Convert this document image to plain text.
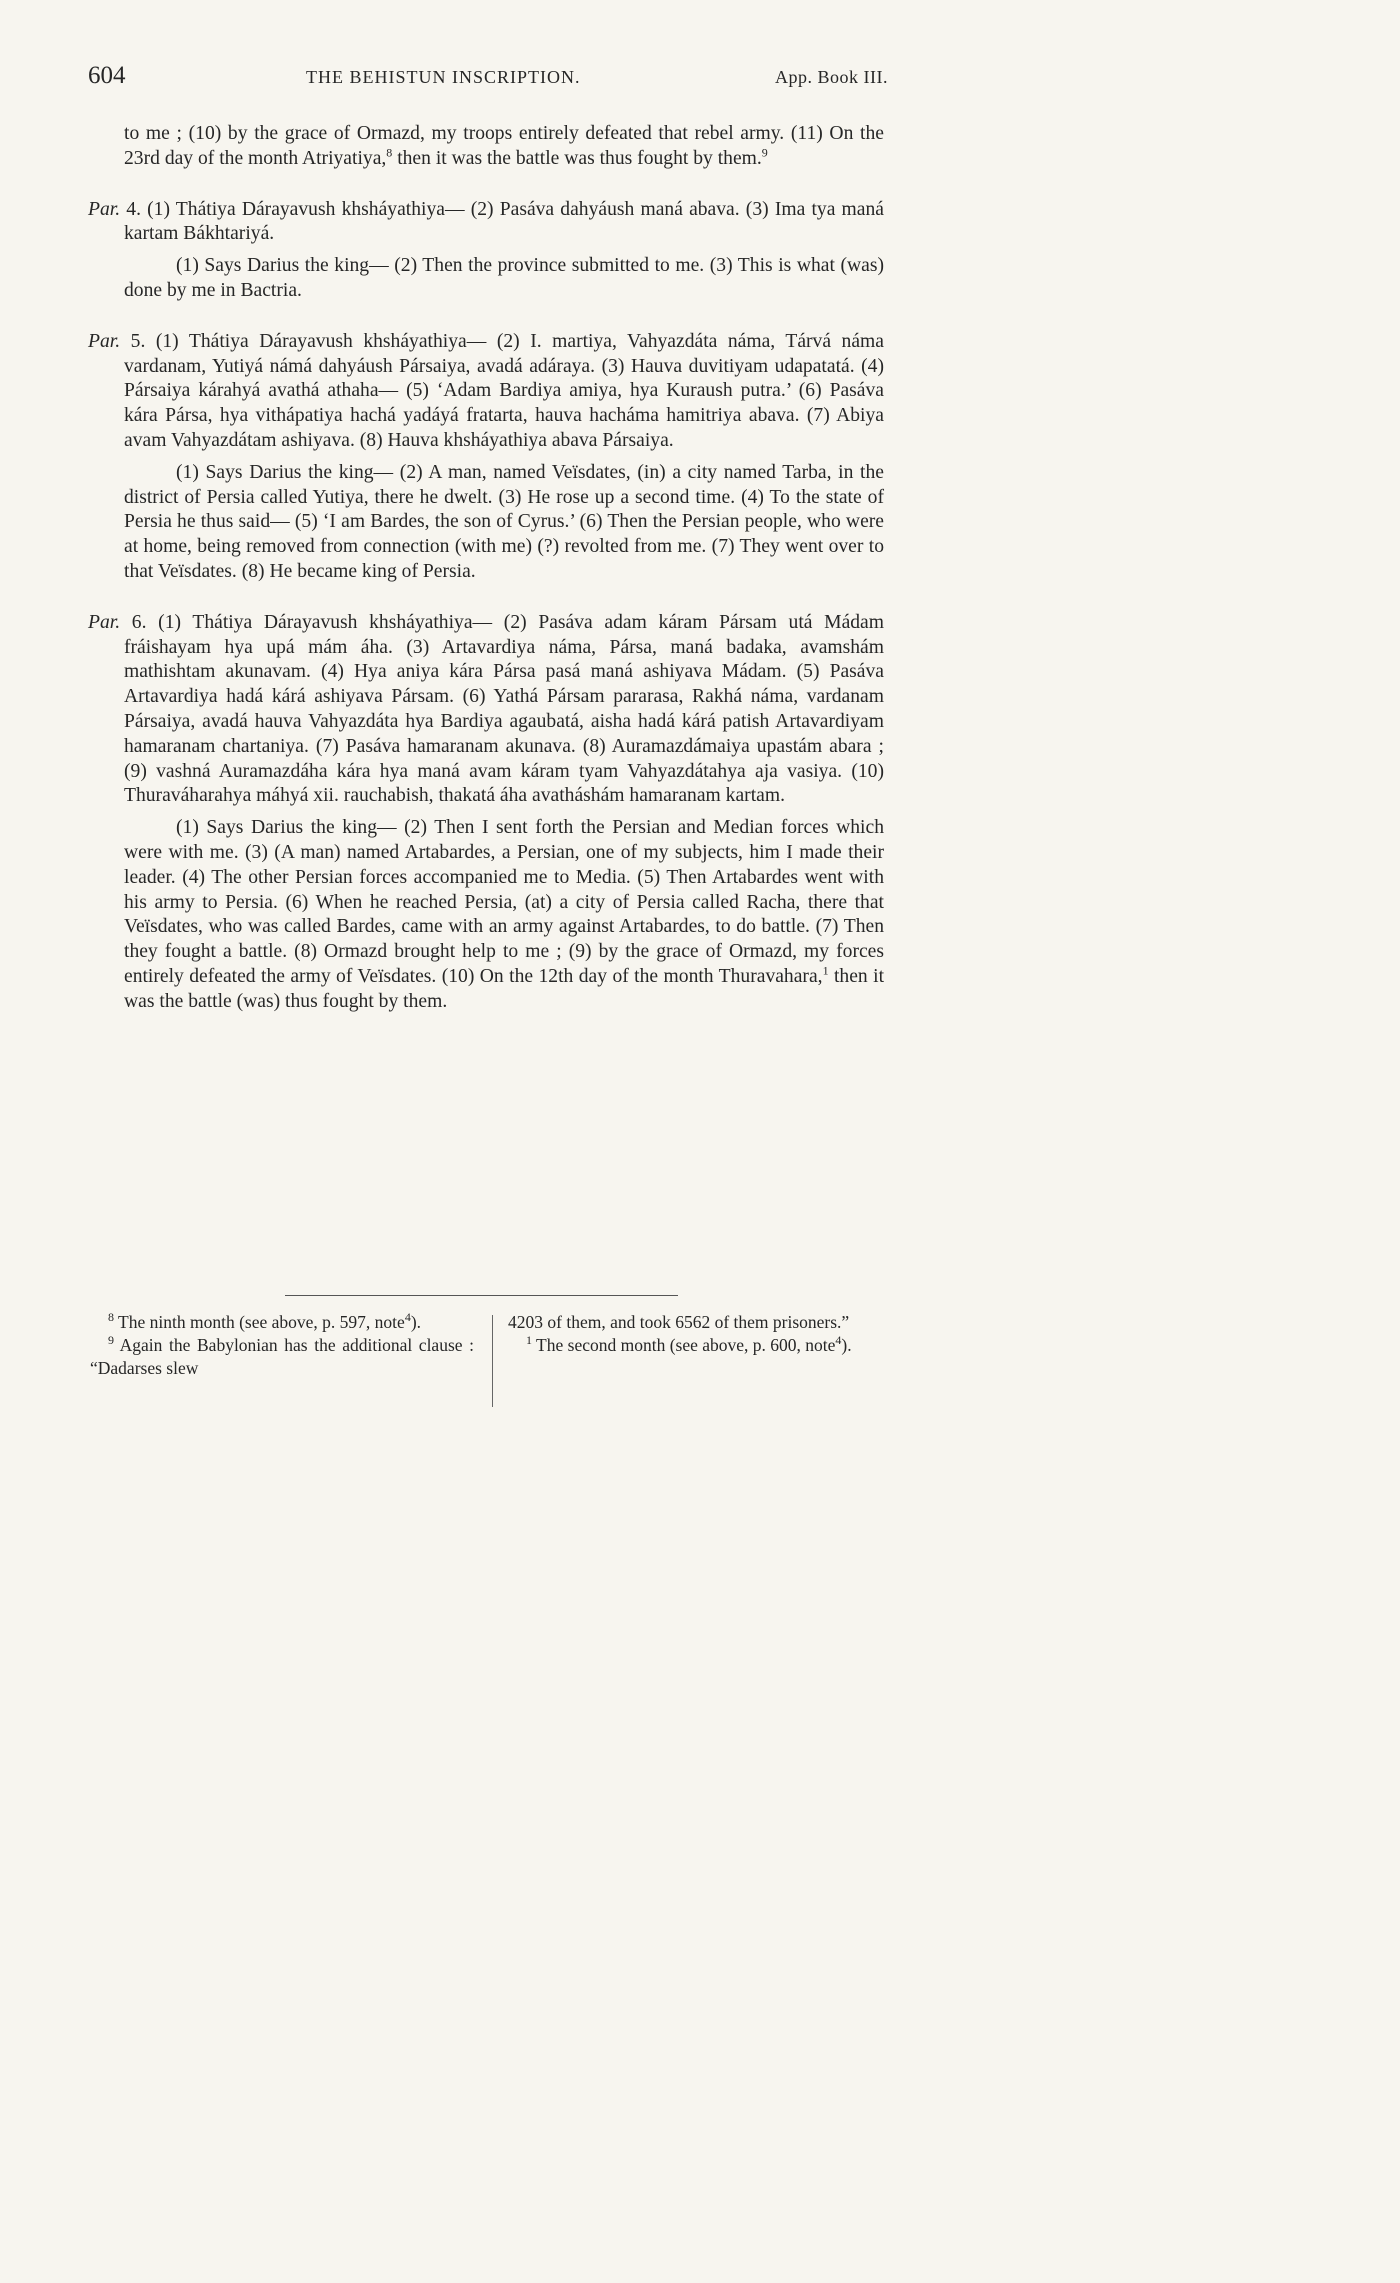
604	THE BEHISTUN INSCRIPTION.	App. Book III.

to me ; (10) by the grace of Ormazd, my troops entirely defeated that rebel army. (11) On the 23rd day of the month Atriyatiya,$^8$ then it was the battle was thus fought by them.$^9$

Par. 4. (1) Thátiya Dárayavush khsháyathiya— (2) Pasáva dahyáush maná abava. (3) Ima tya maná kartam Bákhtariyá.

(1) Says Darius the king— (2) Then the province submitted to me. (3) This is what (was) done by me in Bactria.

Par. 5. (1) Thátiya Dárayavush khsháyathiya— (2) I. martiya, Vahyazdáta náma, Tárvá náma vardanam, Yutiyá námá dahyáush Pársaiya, avadá adáraya. (3) Hauva duvitiyam udapatatá. (4) Pársaiya kárahyá avathá athaha— (5) ‘Adam Bardiya amiya, hya Kuraush putra.’ (6) Pasáva kára Pársa, hya vithápatiya hachá yadáyá fratarta, hauva hachámа hamitriya abava. (7) Abiya avam Vahyazdátam ashiyava. (8) Hauva khsháyathiya abava Pársaiya.

(1) Says Darius the king— (2) A man, named Veïsdates, (in) a city named Tarba, in the district of Persia called Yutiya, there he dwelt. (3) He rose up a second time. (4) To the state of Persia he thus said— (5) ‘I am Bardes, the son of Cyrus.’ (6) Then the Persian people, who were at home, being removed from connection (with me) (?) revolted from me. (7) They went over to that Veïsdates. (8) He became king of Persia.

Par. 6. (1) Thátiya Dárayavush khsháyathiya— (2) Pasáva adam káram Pársam utá Mádam fráishayam hya upá mám áha. (3) Artavardiya náma, Pársa, maná badaka, avamshám mathishtam akunavam. (4) Hya aniya kára Pársa pasá maná ashiyava Mádam. (5) Pasáva Artavardiya hadá kárá ashiyava Pársam. (6) Yathá Pársam pararasa, Rakhá náma, vardanam Pársaiya, avadá hauva Vahyazdáta hya Bardiya agaubatá, aisha hadá kárá patish Artavardiyam hamaranam chartaniya. (7) Pasáva hamaranam akunava. (8) Auramazdámaiya upastám abara ; (9) vashná Auramazdáha kára hya maná avam káram tyam Vahyazdátahya aja vasiya. (10) Thuraváharahya máhyá xii. rauchabish, thakatá áha avatháshám hamaranam kartam.

(1) Says Darius the king— (2) Then I sent forth the Persian and Median forces which were with me. (3) (A man) named Artabardes, a Persian, one of my subjects, him I made their leader. (4) The other Persian forces accompanied me to Media. (5) Then Artabardes went with his army to Persia. (6) When he reached Persia, (at) a city of Persia called Racha, there that Veïsdates, who was called Bardes, came with an army against Artabardes, to do battle. (7) Then they fought a battle. (8) Ormazd brought help to me ; (9) by the grace of Ormazd, my forces entirely defeated the army of Veïsdates. (10) On the 12th day of the month Thuravahara,$^1$ then it was the battle (was) thus fought by them.

$^8$ The ninth month (see above, p. 597, note$^4$).

$^9$ Again the Babylonian has the additional clause : “Dadarses slew

4203 of them, and took 6562 of them prisoners.”

$^1$ The second month (see above, p. 600, note$^4$).
